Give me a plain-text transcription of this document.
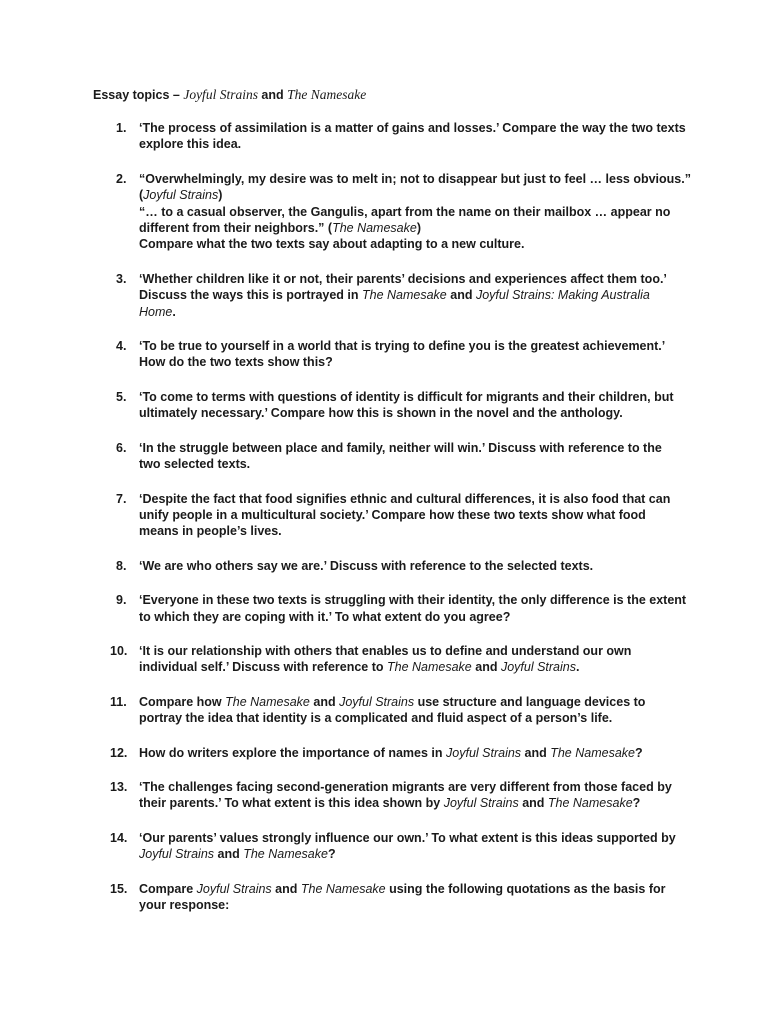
Essay topics – Joyful Strains and The Namesake
1. ‘The process of assimilation is a matter of gains and losses.’ Compare the way the two texts
explore this idea.
2. “Overwhelmingly, my desire was to melt in; not to disappear but just to feel … less obvious.”
(Joyful Strains)
“… to a casual observer, the Gangulis, apart from the name on their mailbox … appear no
different from their neighbors.” (The Namesake)
Compare what the two texts say about adapting to a new culture.
3. ‘Whether children like it or not, their parents’ decisions and experiences affect them too.’
Discuss the ways this is portrayed in The Namesake and Joyful Strains: Making Australia
Home.
4. ‘To be true to yourself in a world that is trying to define you is the greatest achievement.’
How do the two texts show this?
5. ‘To come to terms with questions of identity is difficult for migrants and their children, but
ultimately necessary.’ Compare how this is shown in the novel and the anthology.
6. ‘In the struggle between place and family, neither will win.’ Discuss with reference to the
two selected texts.
7. ‘Despite the fact that food signifies ethnic and cultural differences, it is also food that can
unify people in a multicultural society.’ Compare how these two texts show what food
means in people’s lives.
8. ‘We are who others say we are.’ Discuss with reference to the selected texts.
9. ‘Everyone in these two texts is struggling with their identity, the only difference is the extent
to which they are coping with it.’ To what extent do you agree?
10. ‘It is our relationship with others that enables us to define and understand our own
individual self.’ Discuss with reference to The Namesake and Joyful Strains.
11. Compare how The Namesake and Joyful Strains use structure and language devices to
portray the idea that identity is a complicated and fluid aspect of a person’s life.
12. How do writers explore the importance of names in Joyful Strains and The Namesake?
13. ‘The challenges facing second-generation migrants are very different from those faced by
their parents.’ To what extent is this idea shown by Joyful Strains and The Namesake?
14. ‘Our parents’ values strongly influence our own.’ To what extent is this ideas supported by
Joyful Strains and The Namesake?
15. Compare Joyful Strains and The Namesake using the following quotations as the basis for
your response:
